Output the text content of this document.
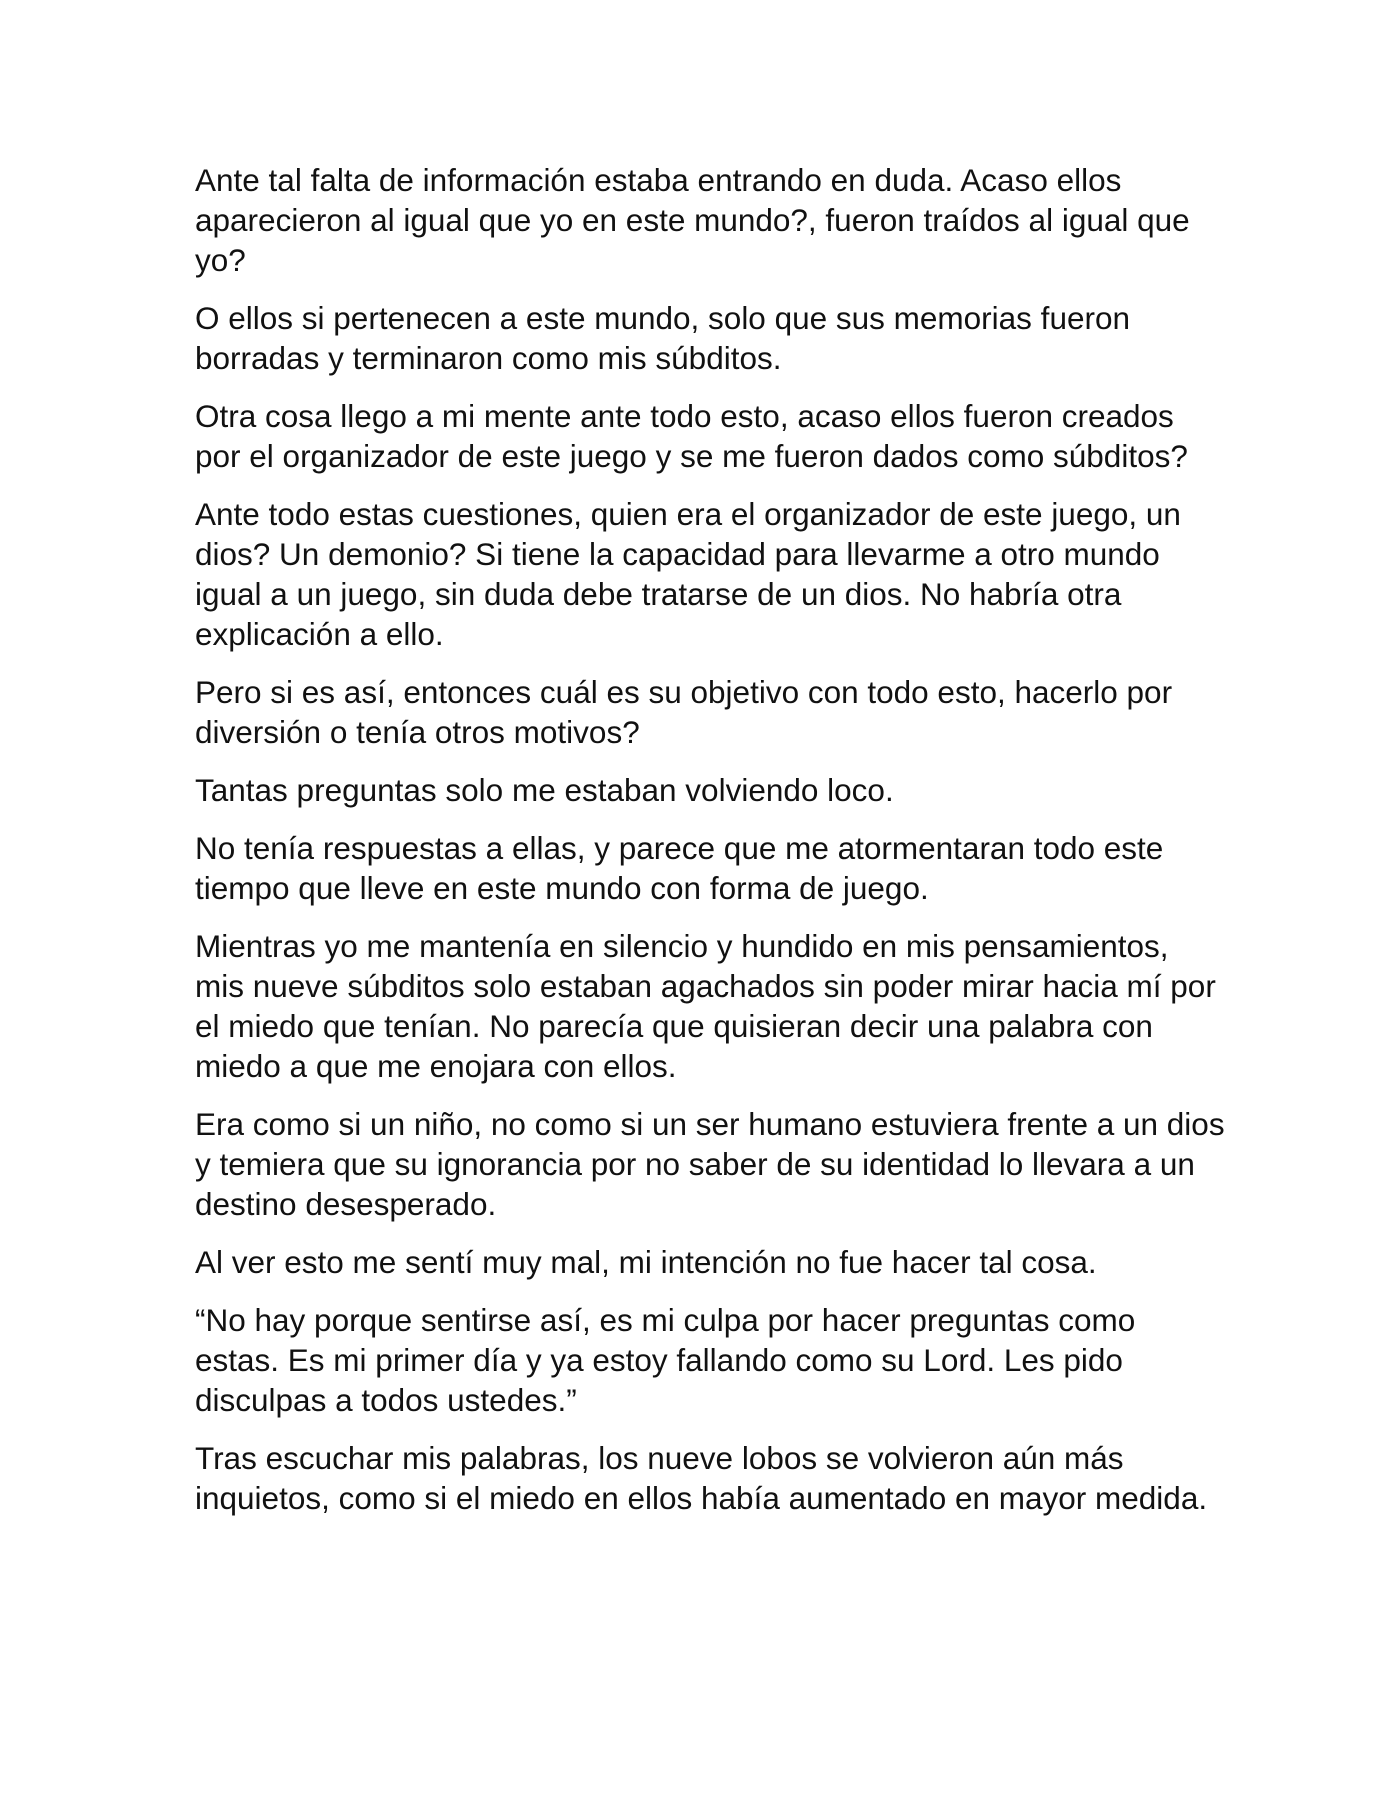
Ante tal falta de información estaba entrando en duda. Acaso ellos aparecieron al igual que yo en este mundo?, fueron traídos al igual que yo?

O ellos si pertenecen a este mundo, solo que sus memorias fueron borradas y terminaron como mis súbditos.

Otra cosa llego a mi mente ante todo esto, acaso ellos fueron creados por el organizador de este juego y se me fueron dados como súbditos?

Ante todo estas cuestiones, quien era el organizador de este juego, un dios? Un demonio? Si tiene la capacidad para llevarme a otro mundo igual a un juego, sin duda debe tratarse de un dios. No habría otra explicación a ello.

Pero si es así, entonces cuál es su objetivo con todo esto, hacerlo por diversión o tenía otros motivos?

Tantas preguntas solo me estaban volviendo loco.

No tenía respuestas a ellas, y parece que me atormentaran todo este tiempo que lleve en este mundo con forma de juego.

Mientras yo me mantenía en silencio y hundido en mis pensamientos, mis nueve súbditos solo estaban agachados sin poder mirar hacia mí por el miedo que tenían. No parecía que quisieran decir una palabra con miedo a que me enojara con ellos.

Era como si un niño, no como si un ser humano estuviera frente a un dios y temiera que su ignorancia por no saber de su identidad lo llevara a un destino desesperado.

Al ver esto me sentí muy mal, mi intención no fue hacer tal cosa.

“No hay porque sentirse así, es mi culpa por hacer preguntas como estas. Es mi primer día y ya estoy fallando como su Lord. Les pido disculpas a todos ustedes.”

Tras escuchar mis palabras, los nueve lobos se volvieron aún más inquietos, como si el miedo en ellos había aumentado en mayor medida.
